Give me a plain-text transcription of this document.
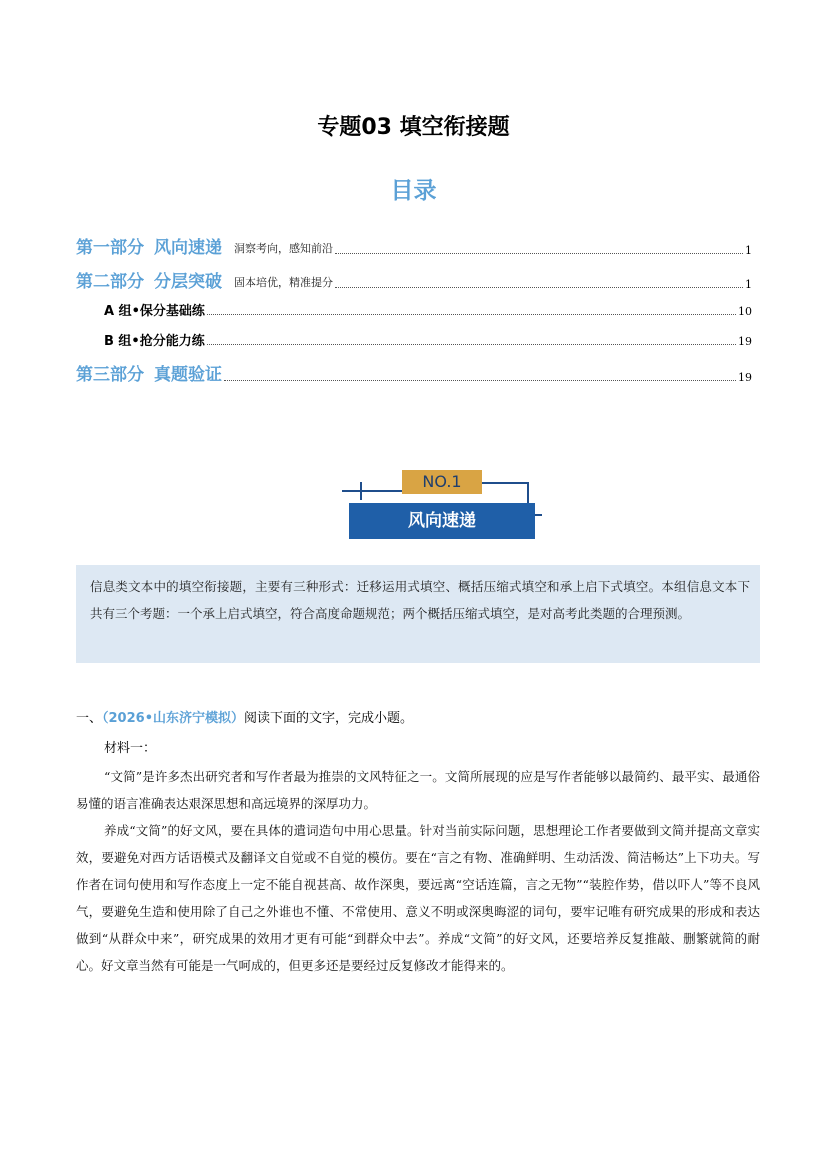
专题03 填空衔接题
目录
第一部分 风向速递 洞察考向，感知前沿	1
第二部分 分层突破 固本培优，精准提分	1
A 组•保分基础练	10
B 组•抢分能力练	19
第三部分 真题验证	19
NO.1
风向速递
信息类文本中的填空衔接题，主要有三种形式：迁移运用式填空、概括压缩式填空和承上启下式填空。本组信息文本下共有三个考题：一个承上启式填空，符合高度命题规范；两个概括压缩式填空，是对高考此类题的合理预测。
一、（2026•山东济宁模拟）阅读下面的文字，完成小题。
材料一：
“文简”是许多杰出研究者和写作者最为推崇的文风特征之一。文简所展现的应是写作者能够以最简约、最平实、最通俗易懂的语言准确表达艰深思想和高远境界的深厚功力。
养成“文简”的好文风，要在具体的遣词造句中用心思量。针对当前实际问题，思想理论工作者要做到文简并提高文章实效，要避免对西方话语模式及翻译文自觉或不自觉的模仿。要在“言之有物、准确鲜明、生动活泼、简洁畅达”上下功夫。写作者在词句使用和写作态度上一定不能自视甚高、故作深奥，要远离“空话连篇，言之无物”“装腔作势，借以吓人”等不良风气，要避免生造和使用除了自己之外谁也不懂、不常使用、意义不明或深奥晦涩的词句，要牢记唯有研究成果的形成和表达做到“从群众中来”，研究成果的效用才更有可能“到群众中去”。养成“文简”的好文风，还要培养反复推敲、删繁就简的耐心。好文章当然有可能是一气呵成的，但更多还是要经过反复修改才能得来的。
